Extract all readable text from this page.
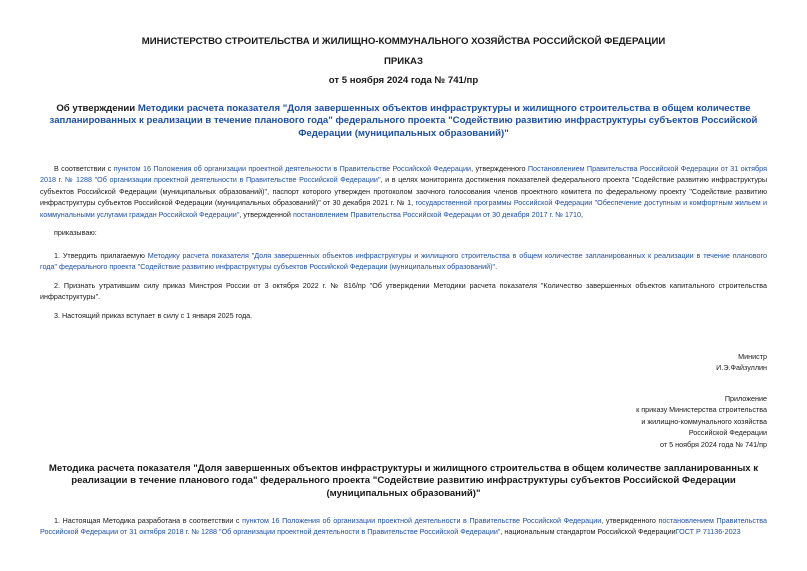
МИНИСТЕРСТВО СТРОИТЕЛЬСТВА И ЖИЛИЩНО-КОММУНАЛЬНОГО ХОЗЯЙСТВА РОССИЙСКОЙ ФЕДЕРАЦИИ
ПРИКАЗ
от 5 ноября 2024 года № 741/пр
Об утверждении Методики расчета показателя "Доля завершенных объектов инфраструктуры и жилищного строительства в общем количестве запланированных к реализации в течение планового года" федерального проекта "Содействию развитию инфраструктуры субъектов Российской Федерации (муниципальных образований)"
В соответствии с пунктом 16 Положения об организации проектной деятельности в Правительстве Российской Федерации, утвержденного Постановлением Правительства Российской Федерации от 31 октября 2018 г. № 1288 "Об организации проектной деятельности в Правительстве Российской Федерации", и в целях мониторинга достижения показателей федерального проекта "Содействие развитию инфраструктуры субъектов Российской Федерации (муниципальных образований)", паспорт которого утвержден протоколом заочного голосования членов проектного комитета по федеральному проекту "Содействие развитию инфраструктуры субъектов Российской Федерации (муниципальных образований)" от 30 декабря 2021 г. № 1, государственной программы Российской Федерации "Обеспечение доступным и комфортным жильем и коммунальными услугами граждан Российской Федерации", утвержденной постановлением Правительства Российской Федерации от 30 декабря 2017 г. № 1710,
приказываю:
1. Утвердить прилагаемую Методику расчета показателя "Доля завершенных объектов инфраструктуры и жилищного строительства в общем количестве запланированных к реализации в течение планового года" федерального проекта "Содействие развитию инфраструктуры субъектов Российской Федерации (муниципальных образований)".
2. Признать утратившим силу приказ Минстроя России от 3 октября 2022 г. № 816/пр "Об утверждении Методики расчета показателя "Количество завершенных объектов капитального строительства инфраструктуры".
3. Настоящий приказ вступает в силу с 1 января 2025 года.
Министр
И.Э.Файзуллин
Приложение
к приказу Министерства строительства
и жилищно-коммунального хозяйства
Российской Федерации
от 5 ноября 2024 года № 741/пр
Методика расчета показателя "Доля завершенных объектов инфраструктуры и жилищного строительства в общем количестве запланированных к реализации в течение планового года" федерального проекта "Содействие развитию инфраструктуры субъектов Российской Федерации (муниципальных образований)"
1. Настоящая Методика разработана в соответствии с пунктом 16 Положения об организации проектной деятельности в Правительстве Российской Федерации, утвержденного постановлением Правительства Российской Федерации от 31 октября 2018 г. № 1288 "Об организации проектной деятельности в Правительстве Российской Федерации", национальным стандартом Российской ФедерацииГОСТ Р 71136-2023
